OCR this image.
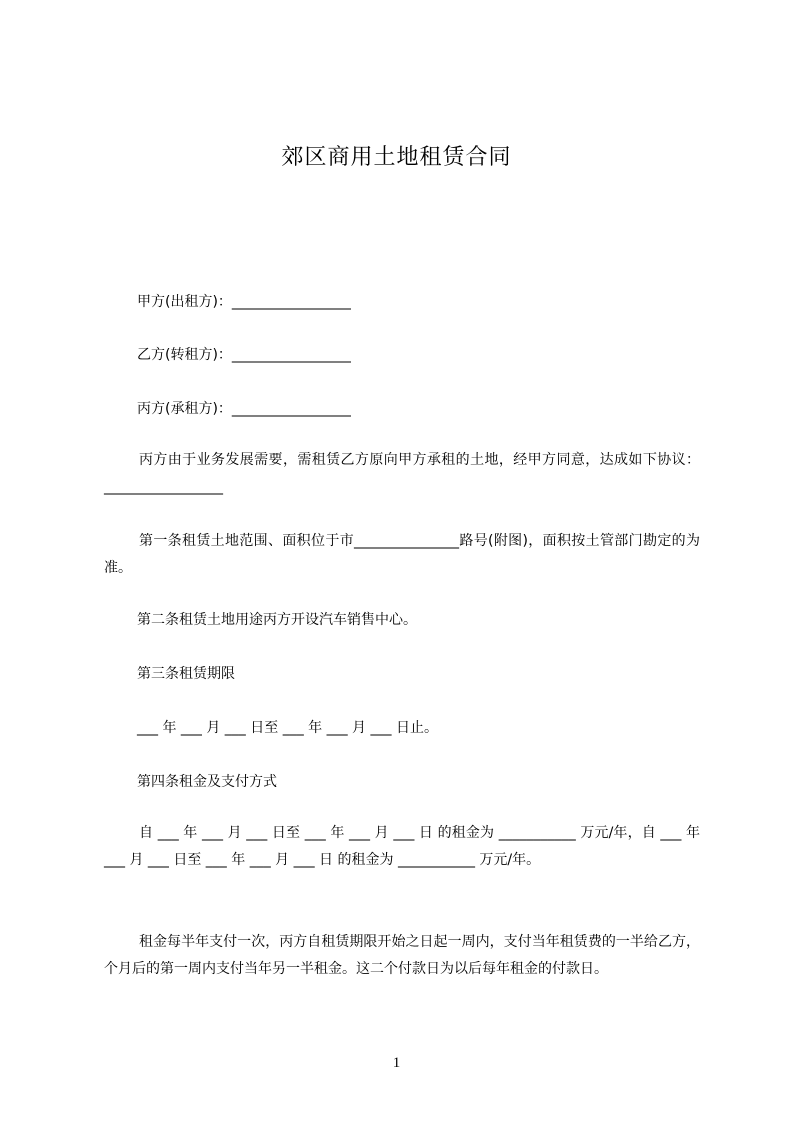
郊区商用土地租赁合同
甲方(出租方)：_________________
乙方(转租方)：_________________
丙方(承租方)：_________________

丙方由于业务发展需要，需租赁乙方原向甲方承租的土地，经甲方同意，达成如下协议：_________________

第一条租赁土地范围、面积位于市_______________路号(附图)，面积按土管部门勘定的为准。

第二条租赁土地用途丙方开设汽车销售中心。
第三条租赁期限
___ 年 ___ 月 ___ 日至 ___ 年 ___ 月 ___ 日止。
第四条租金及支付方式

自 ___ 年 ___ 月 ___ 日至 ___ 年 ___ 月 ___ 日 的租金为 ___________ 万元/年，自 ___ 年 ___ 月 ___ 日至 ___ 年 ___ 月 ___ 日 的租金为 ___________ 万元/年。

租金每半年支付一次，丙方自租赁期限开始之日起一周内，支付当年租赁费的一半给乙方，个月后的第一周内支付当年另一半租金。这二个付款日为以后每年租金的付款日。

1
